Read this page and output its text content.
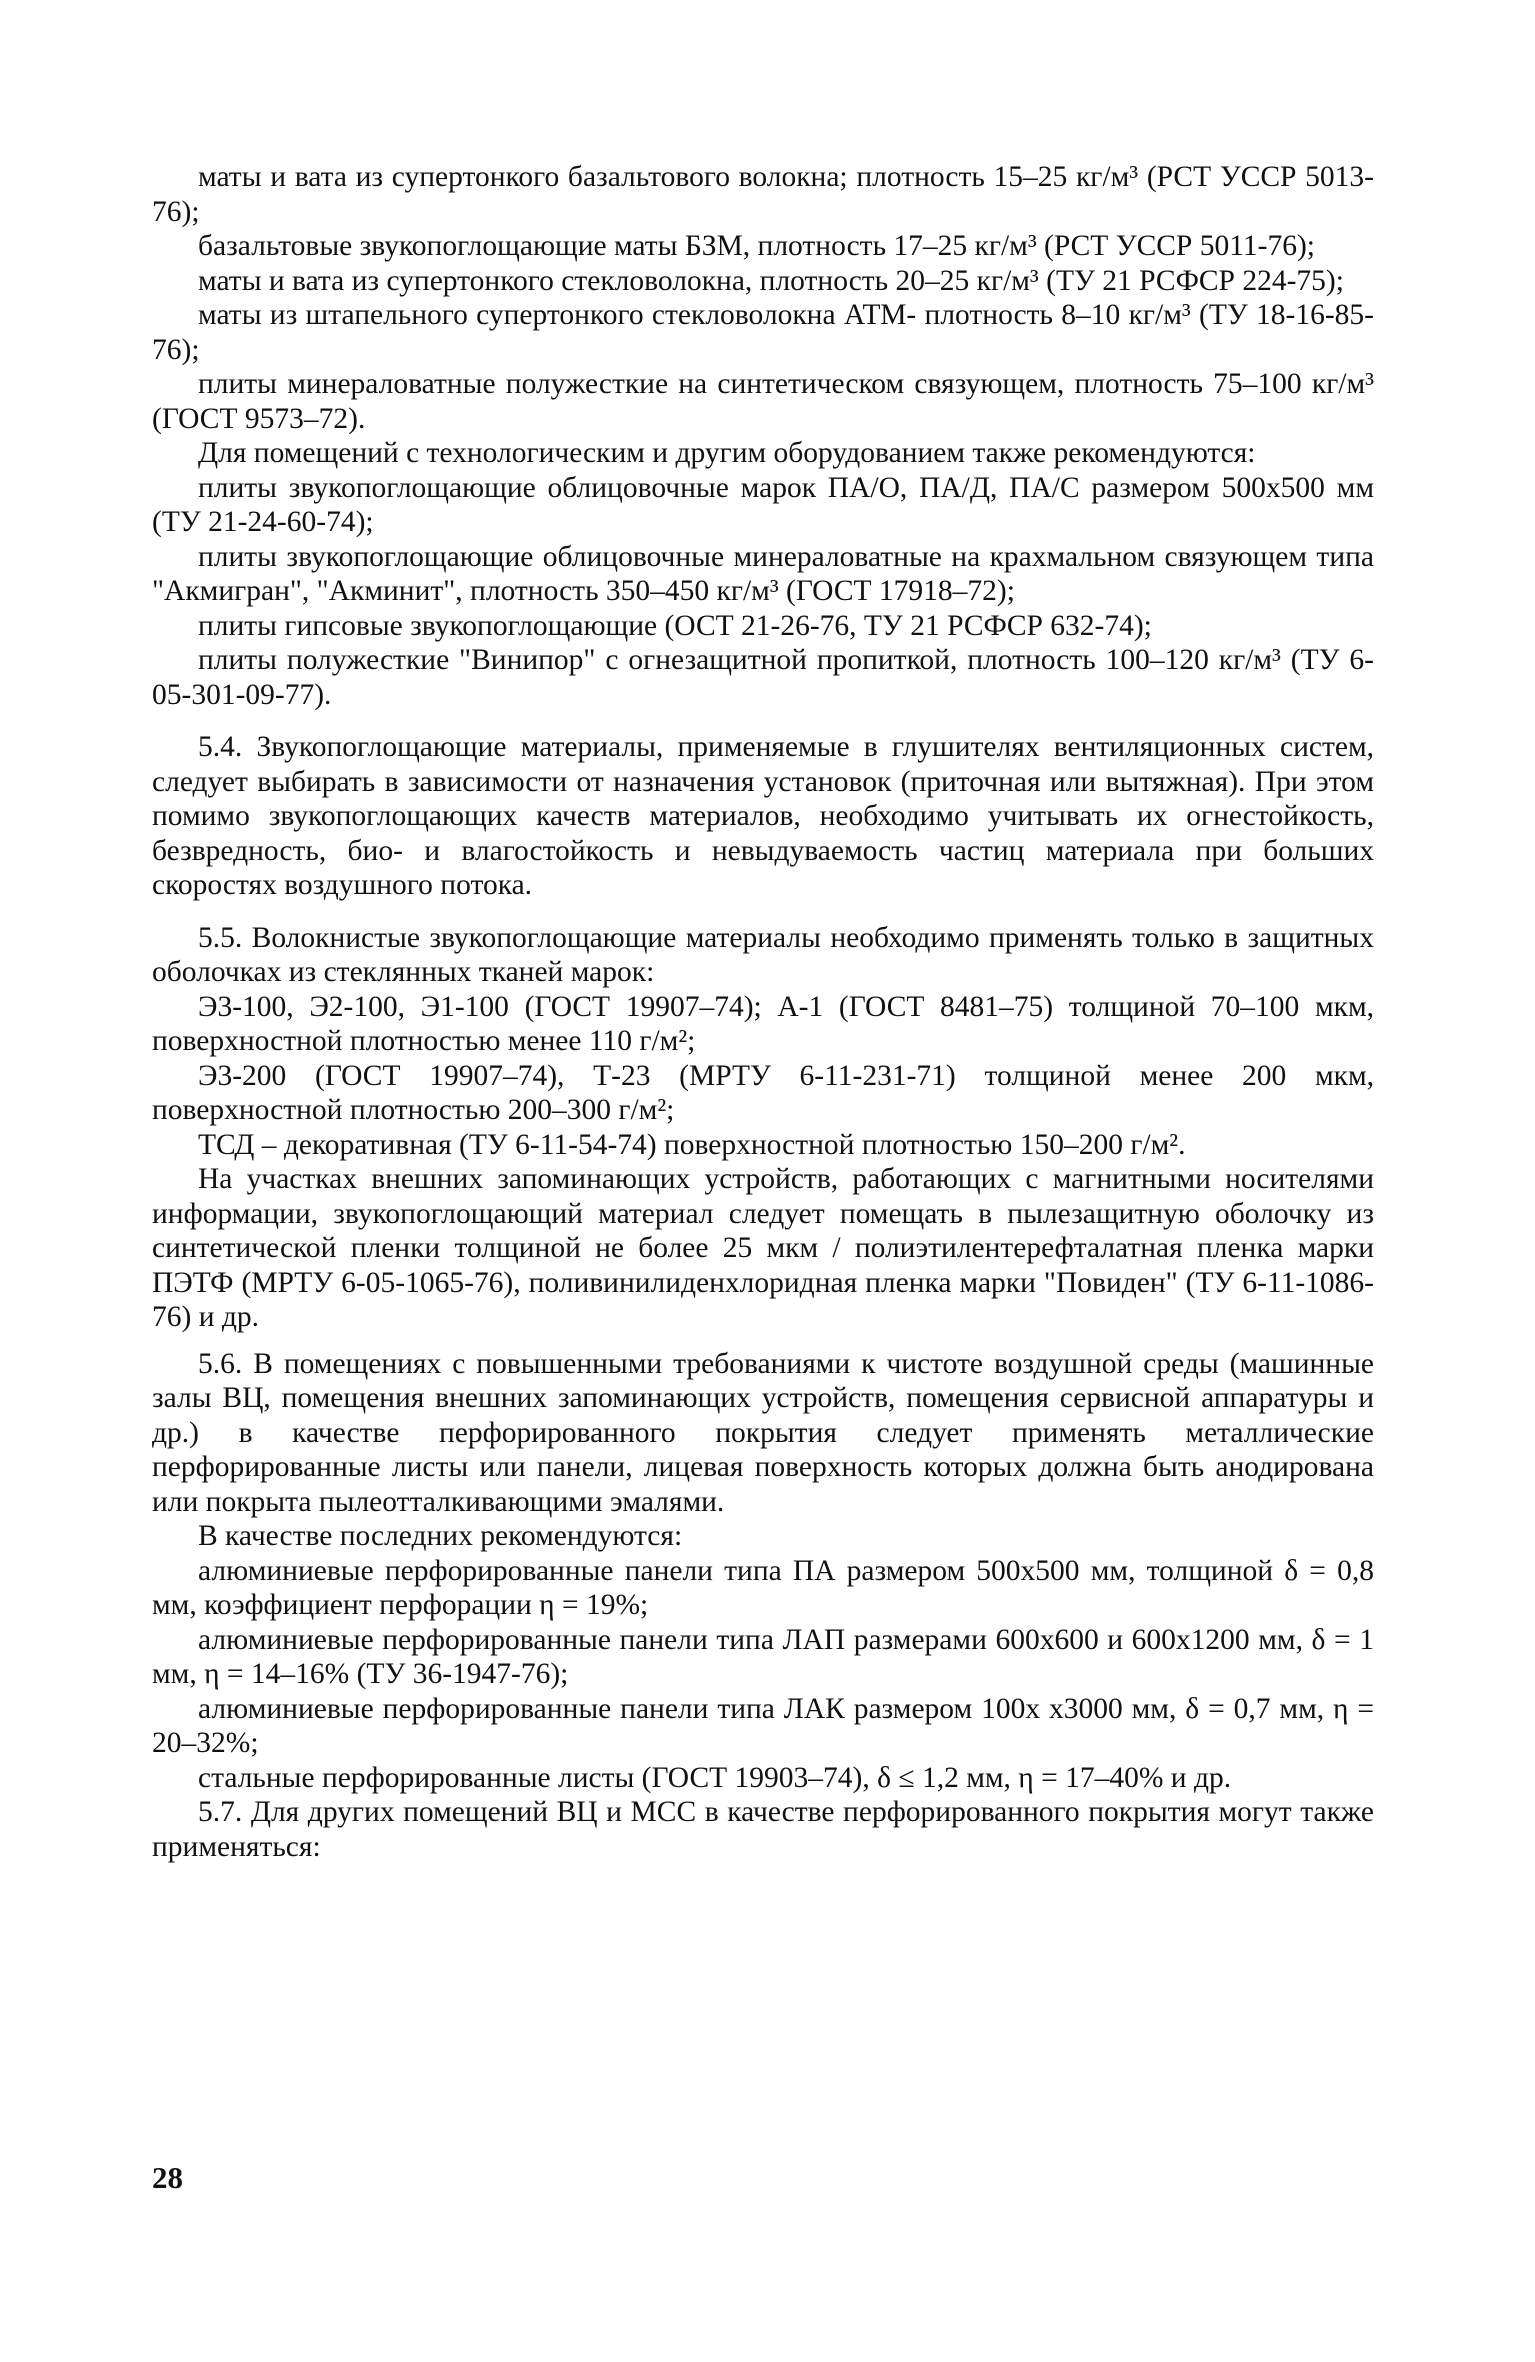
маты и вата из супертонкого базальтового волокна; плотность 15–25 кг/м³ (РСТ УССР 5013-76);

базальтовые звукопоглощающие маты БЗМ, плотность 17–25 кг/м³ (РСТ УССР 5011-76);

маты и вата из супертонкого стекловолокна, плотность 20–25 кг/м³ (ТУ 21 РСФСР 224-75);

маты из штапельного супертонкого стекловолокна АТМ- плотность 8–10 кг/м³ (ТУ 18-16-85-76);

плиты минераловатные полужесткие на синтетическом связующем, плотность 75–100 кг/м³ (ГОСТ 9573–72).

Для помещений с технологическим и другим оборудованием также рекомендуются:

плиты звукопоглощающие облицовочные марок ПА/О, ПА/Д, ПА/С размером 500x500 мм (ТУ 21-24-60-74);

плиты звукопоглощающие облицовочные минераловатные на крахмальном связующем типа "Акмигран", "Акминит", плотность 350–450 кг/м³ (ГОСТ 17918–72);

плиты гипсовые звукопоглощающие (ОСТ 21-26-76, ТУ 21 РСФСР 632-74);

плиты полужесткие "Винипор" с огнезащитной пропиткой, плотность 100–120 кг/м³ (ТУ 6-05-301-09-77).

5.4. Звукопоглощающие материалы, применяемые в глушителях вентиляционных систем, следует выбирать в зависимости от назначения установок (приточная или вытяжная). При этом помимо звукопоглощающих качеств материалов, необходимо учитывать их огнестойкость, безвредность, био- и влагостойкость и невыдуваемость частиц материала при больших скоростях воздушного потока.

5.5. Волокнистые звукопоглощающие материалы необходимо применять только в защитных оболочках из стеклянных тканей марок:

Э3-100, Э2-100, Э1-100 (ГОСТ 19907–74); А-1 (ГОСТ 8481–75) толщиной 70–100 мкм, поверхностной плотностью менее 110 г/м²;

Э3-200 (ГОСТ 19907–74), Т-23 (МРТУ 6-11-231-71) толщиной менее 200 мкм, поверхностной плотностью 200–300 г/м²;

ТСД – декоративная (ТУ 6-11-54-74) поверхностной плотностью 150–200 г/м².

На участках внешних запоминающих устройств, работающих с магнитными носителями информации, звукопоглощающий материал следует помещать в пылезащитную оболочку из синтетической пленки толщиной не более 25 мкм / полиэтилентерефталатная пленка марки ПЭТФ (МРТУ 6-05-1065-76), поливинилиденхлоридная пленка марки "Повиден" (ТУ 6-11-1086-76) и др.

5.6. В помещениях с повышенными требованиями к чистоте воздушной среды (машинные залы ВЦ, помещения внешних запоминающих устройств, помещения сервисной аппаратуры и др.) в качестве перфорированного покрытия следует применять металлические перфорированные листы или панели, лицевая поверхность которых должна быть анодирована или покрыта пылеотталкивающими эмалями.

В качестве последних рекомендуются:

алюминиевые перфорированные панели типа ПА размером 500x500 мм, толщиной δ = 0,8 мм, коэффициент перфорации η = 19%;

алюминиевые перфорированные панели типа ЛАП размерами 600x600 и 600x1200 мм, δ = 1 мм, η = 14–16% (ТУ 36-1947-76);

алюминиевые перфорированные панели типа ЛАК размером 100x x3000 мм, δ = 0,7 мм, η = 20–32%;

стальные перфорированные листы (ГОСТ 19903–74), δ ≤ 1,2 мм, η = 17–40% и др.

5.7. Для других помещений ВЦ и МСС в качестве перфорированного покрытия могут также применяться:

28
